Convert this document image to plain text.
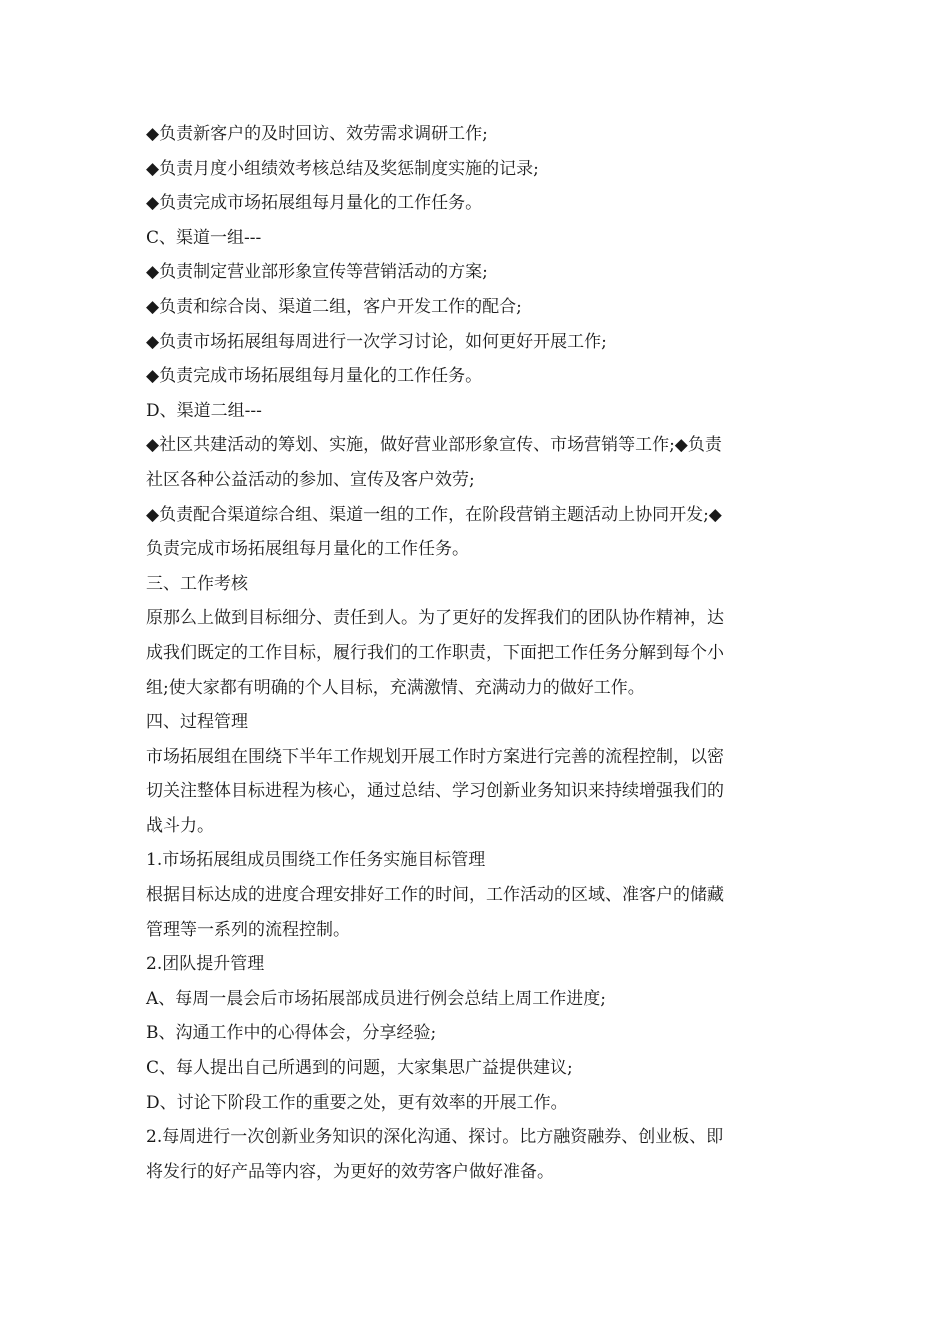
◆负责新客户的及时回访、效劳需求调研工作;
◆负责月度小组绩效考核总结及奖惩制度实施的记录;
◆负责完成市场拓展组每月量化的工作任务。
C、渠道一组---
◆负责制定营业部形象宣传等营销活动的方案;
◆负责和综合岗、渠道二组，客户开发工作的配合;
◆负责市场拓展组每周进行一次学习讨论，如何更好开展工作;
◆负责完成市场拓展组每月量化的工作任务。
D、渠道二组---
◆社区共建活动的筹划、实施，做好营业部形象宣传、市场营销等工作;◆负责
社区各种公益活动的参加、宣传及客户效劳;
◆负责配合渠道综合组、渠道一组的工作，在阶段营销主题活动上协同开发;◆
负责完成市场拓展组每月量化的工作任务。
三、工作考核
原那么上做到目标细分、责任到人。为了更好的发挥我们的团队协作精神，达
成我们既定的工作目标，履行我们的工作职责，下面把工作任务分解到每个小
组;使大家都有明确的个人目标，充满激情、充满动力的做好工作。
四、过程管理
市场拓展组在围绕下半年工作规划开展工作时方案进行完善的流程控制，以密
切关注整体目标进程为核心，通过总结、学习创新业务知识来持续增强我们的
战斗力。
1.市场拓展组成员围绕工作任务实施目标管理
根据目标达成的进度合理安排好工作的时间，工作活动的区域、准客户的储藏
管理等一系列的流程控制。
2.团队提升管理
A、每周一晨会后市场拓展部成员进行例会总结上周工作进度;
B、沟通工作中的心得体会，分享经验;
C、每人提出自己所遇到的问题，大家集思广益提供建议;
D、讨论下阶段工作的重要之处，更有效率的开展工作。
2.每周进行一次创新业务知识的深化沟通、探讨。比方融资融券、创业板、即
将发行的好产品等内容，为更好的效劳客户做好准备。
